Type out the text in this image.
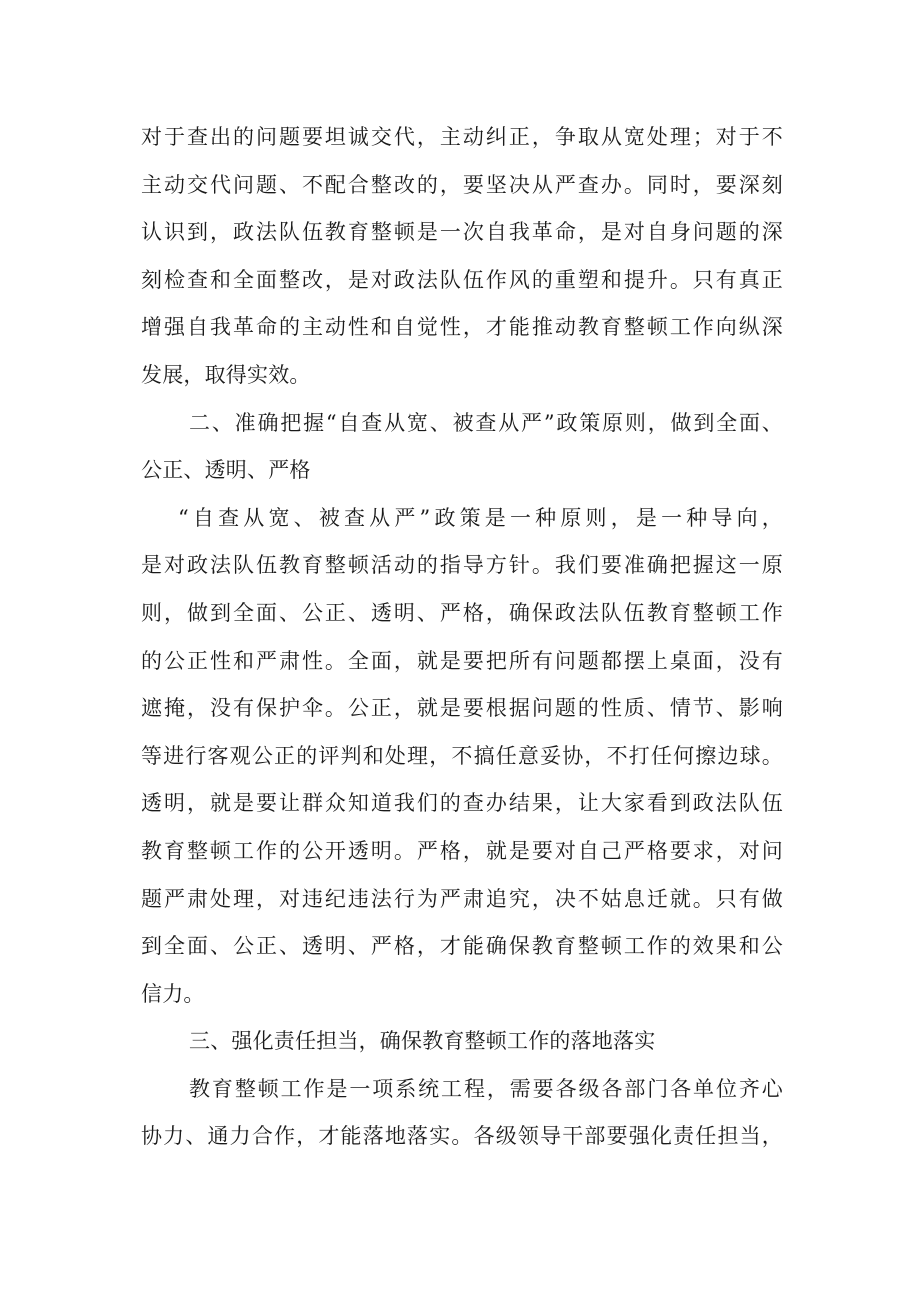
对于查出的问题要坦诚交代，主动纠正，争取从宽处理；对于不
主动交代问题、不配合整改的，要坚决从严查办。同时，要深刻
认识到，政法队伍教育整顿是一次自我革命，是对自身问题的深
刻检查和全面整改，是对政法队伍作风的重塑和提升。只有真正
增强自我革命的主动性和自觉性，才能推动教育整顿工作向纵深
发展，取得实效。
二、准确把握“自查从宽、被查从严”政策原则，做到全面、
公正、透明、严格
“自查从宽、被查从严”政策是一种原则，是一种导向，
是对政法队伍教育整顿活动的指导方针。我们要准确把握这一原
则，做到全面、公正、透明、严格，确保政法队伍教育整顿工作
的公正性和严肃性。全面，就是要把所有问题都摆上桌面，没有
遮掩，没有保护伞。公正，就是要根据问题的性质、情节、影响
等进行客观公正的评判和处理，不搞任意妥协，不打任何擦边球。
透明，就是要让群众知道我们的查办结果，让大家看到政法队伍
教育整顿工作的公开透明。严格，就是要对自己严格要求，对问
题严肃处理，对违纪违法行为严肃追究，决不姑息迁就。只有做
到全面、公正、透明、严格，才能确保教育整顿工作的效果和公
信力。
三、强化责任担当，确保教育整顿工作的落地落实
教育整顿工作是一项系统工程，需要各级各部门各单位齐心
协力、通力合作，才能落地落实。各级领导干部要强化责任担当，
